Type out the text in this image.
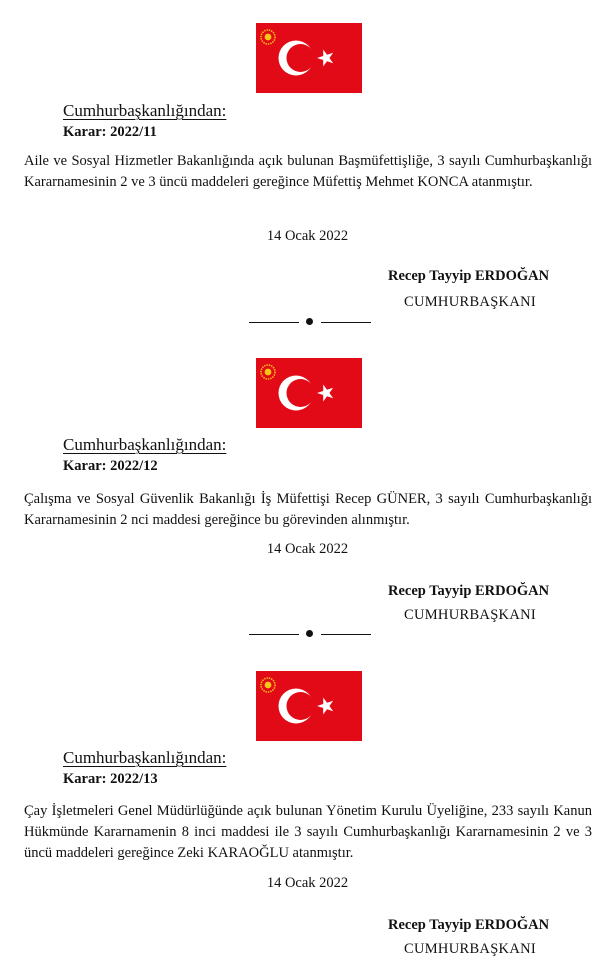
Cumhurbaşkanlığından:
Karar: 2022/11
Aile ve Sosyal Hizmetler Bakanlığında açık bulunan Başmüfettişliğe, 3 sayılı Cumhurbaşkanlığı Kararnamesinin 2 ve 3 üncü maddeleri gereğince Müfettiş Mehmet KONCA atanmıştır.
14 Ocak 2022
Recep Tayyip ERDOĞAN
CUMHURBAŞKANI
Cumhurbaşkanlığından:
Karar: 2022/12
Çalışma ve Sosyal Güvenlik Bakanlığı İş Müfettişi Recep GÜNER, 3 sayılı Cumhurbaşkanlığı Kararnamesinin 2 nci maddesi gereğince bu görevinden alınmıştır.
14 Ocak 2022
Recep Tayyip ERDOĞAN
CUMHURBAŞKANI
Cumhurbaşkanlığından:
Karar: 2022/13
Çay İşletmeleri Genel Müdürlüğünde açık bulunan Yönetim Kurulu Üyeliğine, 233 sayılı Kanun Hükmünde Kararnamenin 8 inci maddesi ile 3 sayılı Cumhurbaşkanlığı Kararnamesinin 2 ve 3 üncü maddeleri gereğince Zeki KARAOĞLU atanmıştır.
14 Ocak 2022
Recep Tayyip ERDOĞAN
CUMHURBAŞKANI
